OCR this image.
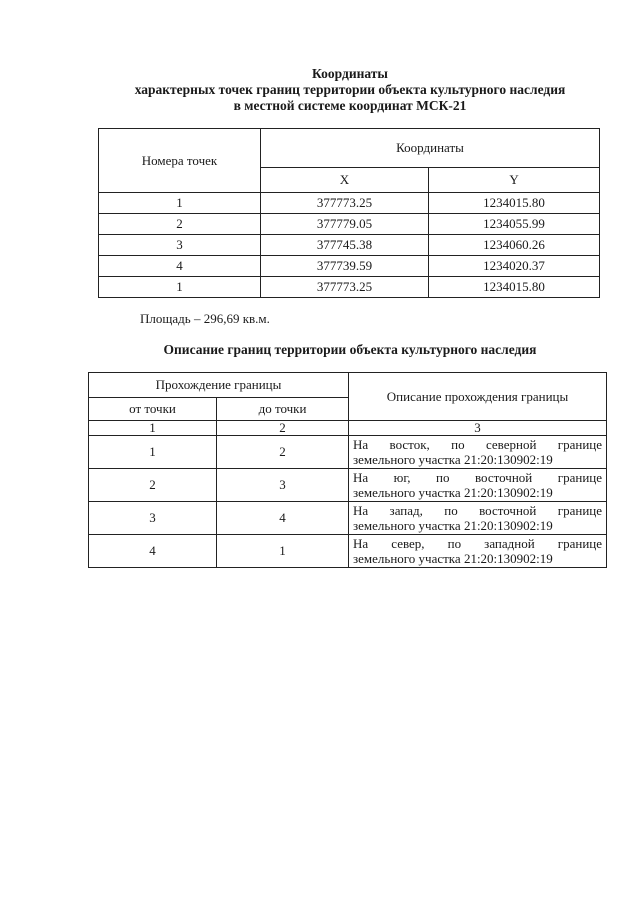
Координаты
характерных точек границ территории объекта культурного наследия
в местной системе координат МСК-21
Номера точек	Координаты	
	X	Y
1	377773.25	1234015.80
2	377779.05	1234055.99
3	377745.38	1234060.26
4	377739.59	1234020.37
1	377773.25	1234015.80
Площадь – 296,69 кв.м.
Описание границ территории объекта культурного наследия
Прохождение границы		Описание прохождения границы
от точки	до точки	
1	2	3
1	2	На восток, по северной границе
земельного участка 21:20:130902:19

2	3	На юг, по восточной границе
земельного участка 21:20:130902:19

3	4	На запад, по восточной границе
земельного участка 21:20:130902:19

4	1	На север, по западной границе
земельного участка 21:20:130902:19
